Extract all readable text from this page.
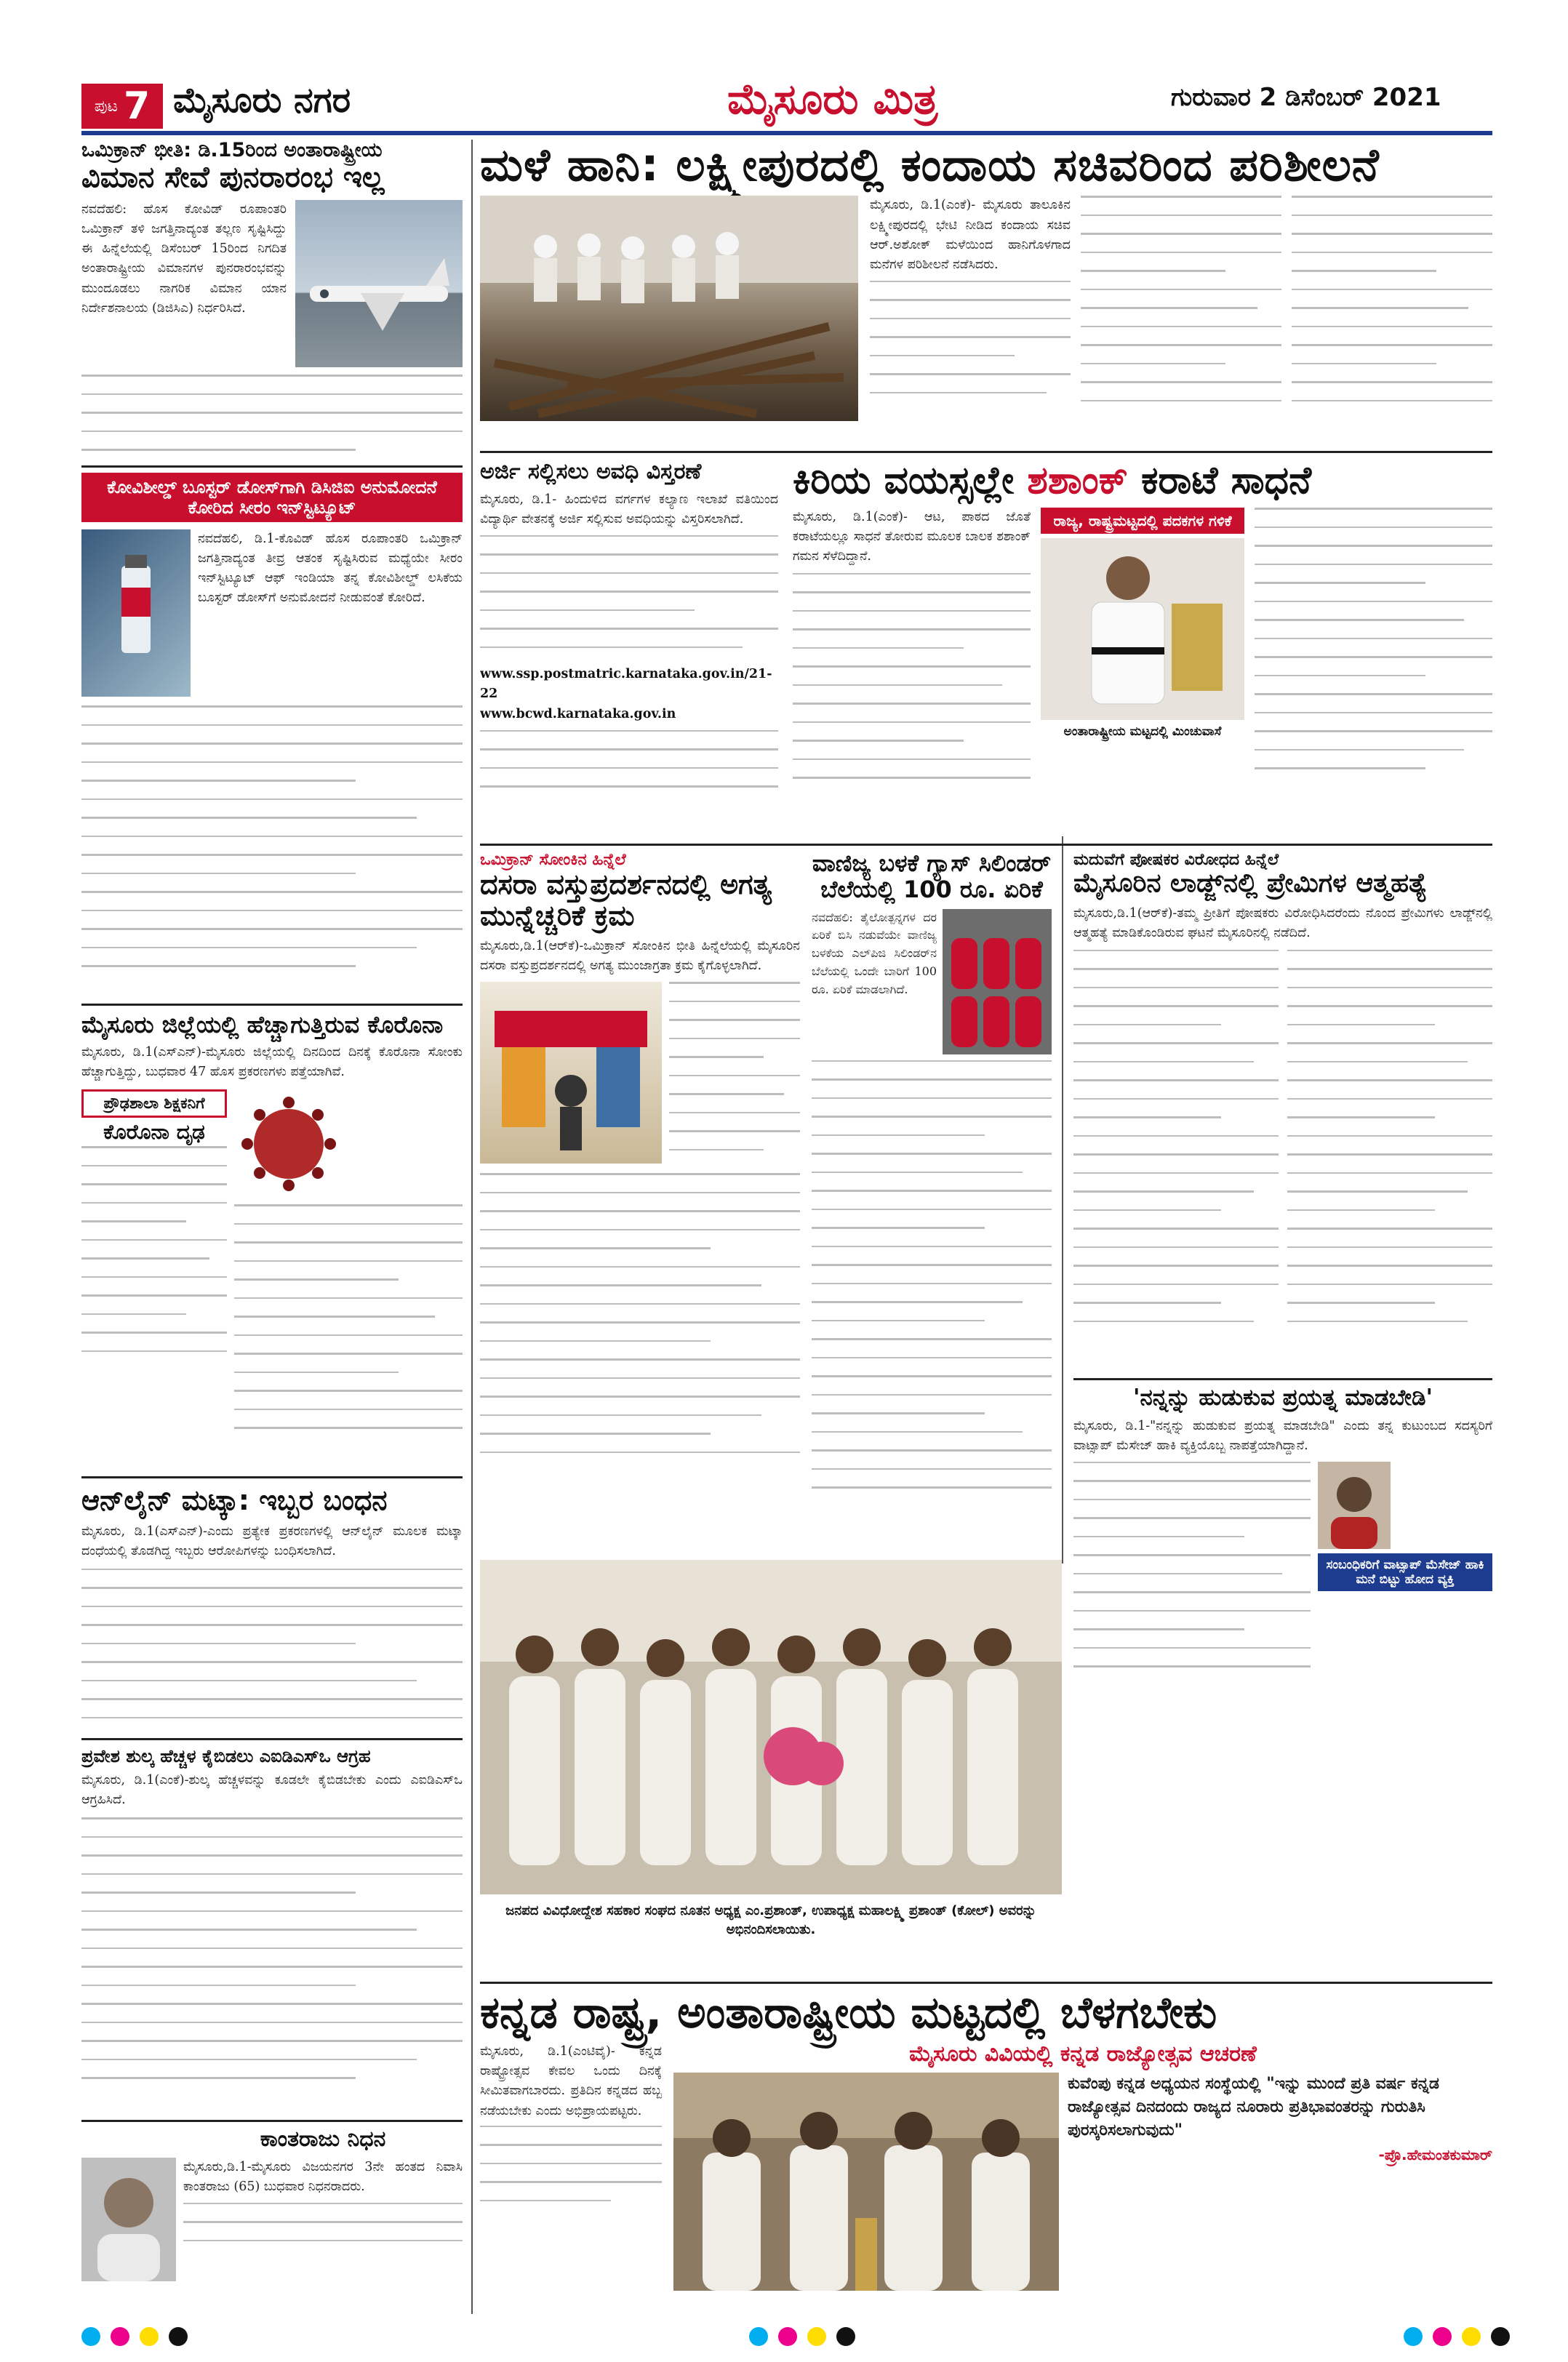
ಪುಟ 7 ಮೈಸೂರು ನಗರ	ಮೈಸೂರು ಮಿತ್ರ	ಗುರುವಾರ 2 ಡಿಸೆಂಬರ್ 2021
ಒಮಿಕ್ರಾನ್ ಭೀತಿ: ಡಿ.15ರಿಂದ ಅಂತಾರಾಷ್ಟ್ರೀಯ
ವಿಮಾನ ಸೇವೆ ಪುನರಾರಂಭ ಇಲ್ಲ
ನವದೆಹಲಿ: ಹೊಸ ಕೋವಿಡ್ ರೂಪಾಂತರಿ ಒಮಿಕ್ರಾನ್ ತಳಿ ಜಗತ್ತಿನಾದ್ಯಂತ ತಲ್ಲಣ ಸೃಷ್ಟಿಸಿದ್ದು ಈ ಹಿನ್ನೆಲೆಯಲ್ಲಿ ಡಿಸೆಂಬರ್ 15ರಿಂದ ನಿಗದಿತ ಅಂತಾರಾಷ್ಟ್ರೀಯ ವಿಮಾನಗಳ ಪುನರಾರಂಭವನ್ನು ಮುಂದೂಡಲು ನಾಗರಿಕ ವಿಮಾನ ಯಾನ ನಿರ್ದೇಶನಾಲಯ (ಡಿಜಿಸಿಎ) ನಿರ್ಧರಿಸಿದೆ.
ಕೋವಿಶೀಲ್ಡ್ ಬೂಸ್ಟರ್ ಡೋಸ್‌ಗಾಗಿ ಡಿಸಿಜಿಐ ಅನುಮೋದನೆ ಕೋರಿದ ಸೀರಂ ಇನ್‌ಸ್ಟಿಟ್ಯೂಟ್
ನವದೆಹಲಿ, ಡಿ.1-ಕೊವಿಡ್ ಹೊಸ ರೂಪಾಂತರಿ ಒಮಿಕ್ರಾನ್ ಜಗತ್ತಿನಾದ್ಯಂತ ತೀವ್ರ ಆತಂಕ ಸೃಷ್ಟಿಸಿರುವ ಮಧ್ಯೆಯೇ ಸೀರಂ ಇನ್‌ಸ್ಟಿಟ್ಯೂಟ್ ಆಫ್ ಇಂಡಿಯಾ ತನ್ನ ಕೋವಿಶೀಲ್ಡ್ ಲಸಿಕೆಯ ಬೂಸ್ಟರ್ ಡೋಸ್‌ಗೆ ಅನುಮೋದನೆ ನೀಡುವಂತೆ ಕೋರಿದೆ.
ಮೈಸೂರು ಜಿಲ್ಲೆಯಲ್ಲಿ ಹೆಚ್ಚಾಗುತ್ತಿರುವ ಕೊರೊನಾ
ಮೈಸೂರು, ಡಿ.1(ಎಸ್‌ಎನ್)-ಮೈಸೂರು ಜಿಲ್ಲೆಯಲ್ಲಿ ದಿನದಿಂದ ದಿನಕ್ಕೆ ಕೊರೊನಾ ಸೋಂಕು ಹೆಚ್ಚಾಗುತ್ತಿದ್ದು, ಬುಧವಾರ 47 ಹೊಸ ಪ್ರಕರಣಗಳು ಪತ್ತೆಯಾಗಿವೆ.
ಪ್ರೌಢಶಾಲಾ ಶಿಕ್ಷಕನಿಗೆ
ಕೊರೊನಾ ದೃಢ
ಆನ್‌ಲೈನ್ ಮಟ್ಕಾ: ಇಬ್ಬರ ಬಂಧನ
ಮೈಸೂರು, ಡಿ.1(ಎಸ್‌ಎನ್)-ಎಂದು ಪ್ರತ್ಯೇಕ ಪ್ರಕರಣಗಳಲ್ಲಿ ಆನ್‌ಲೈನ್ ಮೂಲಕ ಮಟ್ಕಾ ದಂಧೆಯಲ್ಲಿ ತೊಡಗಿದ್ದ ಇಬ್ಬರು ಆರೋಪಿಗಳನ್ನು ಬಂಧಿಸಲಾಗಿದೆ.
ಪ್ರವೇಶ ಶುಲ್ಕ ಹೆಚ್ಚಳ ಕೈಬಿಡಲು ಎಐಡಿಎಸ್‌ಒ ಆಗ್ರಹ
ಮೈಸೂರು, ಡಿ.1(ಎಂಕೆ)-ಶುಲ್ಕ ಹೆಚ್ಚಳವನ್ನು ಕೂಡಲೇ ಕೈಬಿಡಬೇಕು ಎಂದು ಎಐಡಿಎಸ್‌ಒ ಆಗ್ರಹಿಸಿದೆ.
ಕಾಂತರಾಜು ನಿಧನ
ಮೈಸೂರು,ಡಿ.1-ಮೈಸೂರು ವಿಜಯನಗರ 3ನೇ ಹಂತದ ನಿವಾಸಿ ಕಾಂತರಾಜು (65) ಬುಧವಾರ ನಿಧನರಾದರು.
ಮಳೆ ಹಾನಿ: ಲಕ್ಷ್ಮೀಪುರದಲ್ಲಿ ಕಂದಾಯ ಸಚಿವರಿಂದ ಪರಿಶೀಲನೆ
ಮೈಸೂರು, ಡಿ.1(ಎಂಕೆ)- ಮೈಸೂರು ತಾಲೂಕಿನ ಲಕ್ಷ್ಮೀಪುರದಲ್ಲಿ ಭೇಟಿ ನೀಡಿದ ಕಂದಾಯ ಸಚಿವ ಆರ್.ಅಶೋಕ್ ಮಳೆಯಿಂದ ಹಾನಿಗೊಳಗಾದ ಮನೆಗಳ ಪರಿಶೀಲನೆ ನಡೆಸಿದರು.
ಅರ್ಜಿ ಸಲ್ಲಿಸಲು ಅವಧಿ ವಿಸ್ತರಣೆ
ಮೈಸೂರು, ಡಿ.1- ಹಿಂದುಳಿದ ವರ್ಗಗಳ ಕಲ್ಯಾಣ ಇಲಾಖೆ ವತಿಯಿಂದ ವಿದ್ಯಾರ್ಥಿ ವೇತನಕ್ಕೆ ಅರ್ಜಿ ಸಲ್ಲಿಸುವ ಅವಧಿಯನ್ನು ವಿಸ್ತರಿಸಲಾಗಿದೆ.
www.ssp.postmatric.karnataka.gov.in/21-22
www.bcwd.karnataka.gov.in
ಕಿರಿಯ ವಯಸ್ಸಲ್ಲೇ ಶಶಾಂಕ್ ಕರಾಟೆ ಸಾಧನೆ
ಮೈಸೂರು, ಡಿ.1(ಎಂಕೆ)- ಆಟ, ಪಾಠದ ಜೊತೆ ಕರಾಟೆಯಲ್ಲೂ ಸಾಧನೆ ತೋರುವ ಮೂಲಕ ಬಾಲಕ ಶಶಾಂಕ್ ಗಮನ ಸೆಳೆದಿದ್ದಾನೆ.
ರಾಜ್ಯ, ರಾಷ್ಟ್ರಮಟ್ಟದಲ್ಲಿ ಪದಕಗಳ ಗಳಿಕೆ
ಅಂತಾರಾಷ್ಟ್ರೀಯ ಮಟ್ಟದಲ್ಲಿ ಮಿಂಚುವಾಸೆ
ಒಮಿಕ್ರಾನ್ ಸೋಂಕಿನ ಹಿನ್ನೆಲೆ
ದಸರಾ ವಸ್ತುಪ್ರದರ್ಶನದಲ್ಲಿ ಅಗತ್ಯ ಮುನ್ನೆಚ್ಚರಿಕೆ ಕ್ರಮ
ಮೈಸೂರು,ಡಿ.1(ಆರ್‌ಕೆ)-ಒಮಿಕ್ರಾನ್ ಸೋಂಕಿನ ಭೀತಿ ಹಿನ್ನೆಲೆಯಲ್ಲಿ ಮೈಸೂರಿನ ದಸರಾ ವಸ್ತುಪ್ರದರ್ಶನದಲ್ಲಿ ಅಗತ್ಯ ಮುಂಜಾಗ್ರತಾ ಕ್ರಮ ಕೈಗೊಳ್ಳಲಾಗಿದೆ.
ವಾಣಿಜ್ಯ ಬಳಕೆ ಗ್ಯಾಸ್ ಸಿಲಿಂಡರ್ ಬೆಲೆಯಲ್ಲಿ 100 ರೂ. ಏರಿಕೆ
ನವದೆಹಲಿ: ತೈಲೋತ್ಪನ್ನಗಳ ದರ ಏರಿಕೆ ಬಿಸಿ ನಡುವೆಯೇ ವಾಣಿಜ್ಯ ಬಳಕೆಯ ಎಲ್‌ಪಿಜಿ ಸಿಲಿಂಡರ್‌ನ ಬೆಲೆಯಲ್ಲಿ ಒಂದೇ ಬಾರಿಗೆ 100 ರೂ. ಏರಿಕೆ ಮಾಡಲಾಗಿದೆ.
ಮದುವೆಗೆ ಪೋಷಕರ ವಿರೋಧದ ಹಿನ್ನೆಲೆ
ಮೈಸೂರಿನ ಲಾಡ್ಜ್‌ನಲ್ಲಿ ಪ್ರೇಮಿಗಳ ಆತ್ಮಹತ್ಯೆ
ಮೈಸೂರು,ಡಿ.1(ಆರ್‌ಕೆ)-ತಮ್ಮ ಪ್ರೀತಿಗೆ ಪೋಷಕರು ವಿರೋಧಿಸಿದರೆಂದು ನೊಂದ ಪ್ರೇಮಿಗಳು ಲಾಡ್ಜ್‌ನಲ್ಲಿ ಆತ್ಮಹತ್ಯೆ ಮಾಡಿಕೊಂಡಿರುವ ಘಟನೆ ಮೈಸೂರಿನಲ್ಲಿ ನಡೆದಿದೆ.
'ನನ್ನನ್ನು ಹುಡುಕುವ ಪ್ರಯತ್ನ ಮಾಡಬೇಡಿ'
ಮೈಸೂರು, ಡಿ.1-"ನನ್ನನ್ನು ಹುಡುಕುವ ಪ್ರಯತ್ನ ಮಾಡಬೇಡಿ" ಎಂದು ತನ್ನ ಕುಟುಂಬದ ಸದಸ್ಯರಿಗೆ ವಾಟ್ಸಾಪ್ ಮೆಸೇಜ್ ಹಾಕಿ ವ್ಯಕ್ತಿಯೊಬ್ಬ ನಾಪತ್ತೆಯಾಗಿದ್ದಾನೆ.
ಸಂಬಂಧಿಕರಿಗೆ ವಾಟ್ಸಾಪ್ ಮೆಸೇಜ್ ಹಾಕಿ ಮನೆ ಬಿಟ್ಟು ಹೋದ ವ್ಯಕ್ತಿ
ಜನಪದ ವಿವಿಧೋದ್ದೇಶ ಸಹಕಾರ ಸಂಘದ ನೂತನ ಅಧ್ಯಕ್ಷ ಎಂ.ಪ್ರಶಾಂತ್, ಉಪಾಧ್ಯಕ್ಷ ಮಹಾಲಕ್ಷ್ಮಿ ಪ್ರಶಾಂತ್ (ಕೋಲ್) ಅವರನ್ನು ಅಭಿನಂದಿಸಲಾಯಿತು.
ಕನ್ನಡ ರಾಷ್ಟ್ರ, ಅಂತಾರಾಷ್ಟ್ರೀಯ ಮಟ್ಟದಲ್ಲಿ ಬೆಳಗಬೇಕು
ಮೈಸೂರು, ಡಿ.1(ಎಂಟಿವೈ)- ಕನ್ನಡ ರಾಷ್ಟ್ರೋತ್ಸವ ಕೇವಲ ಒಂದು ದಿನಕ್ಕೆ ಸೀಮಿತವಾಗಬಾರದು. ಪ್ರತಿದಿನ ಕನ್ನಡದ ಹಬ್ಬ ನಡೆಯಬೇಕು ಎಂದು ಅಭಿಪ್ರಾಯಪಟ್ಟರು.
ಮೈಸೂರು ವಿವಿಯಲ್ಲಿ ಕನ್ನಡ ರಾಜ್ಯೋತ್ಸವ ಆಚರಣೆ
ಕುವೆಂಪು ಕನ್ನಡ ಅಧ್ಯಯನ ಸಂಸ್ಥೆಯಲ್ಲಿ "ಇನ್ನು ಮುಂದೆ ಪ್ರತಿ ವರ್ಷ ಕನ್ನಡ ರಾಜ್ಯೋತ್ಸವ ದಿನದಂದು ರಾಜ್ಯದ ನೂರಾರು ಪ್ರತಿಭಾವಂತರನ್ನು ಗುರುತಿಸಿ ಪುರಸ್ಕರಿಸಲಾಗುವುದು"
-ಪ್ರೊ.ಹೇಮಂತಕುಮಾರ್
